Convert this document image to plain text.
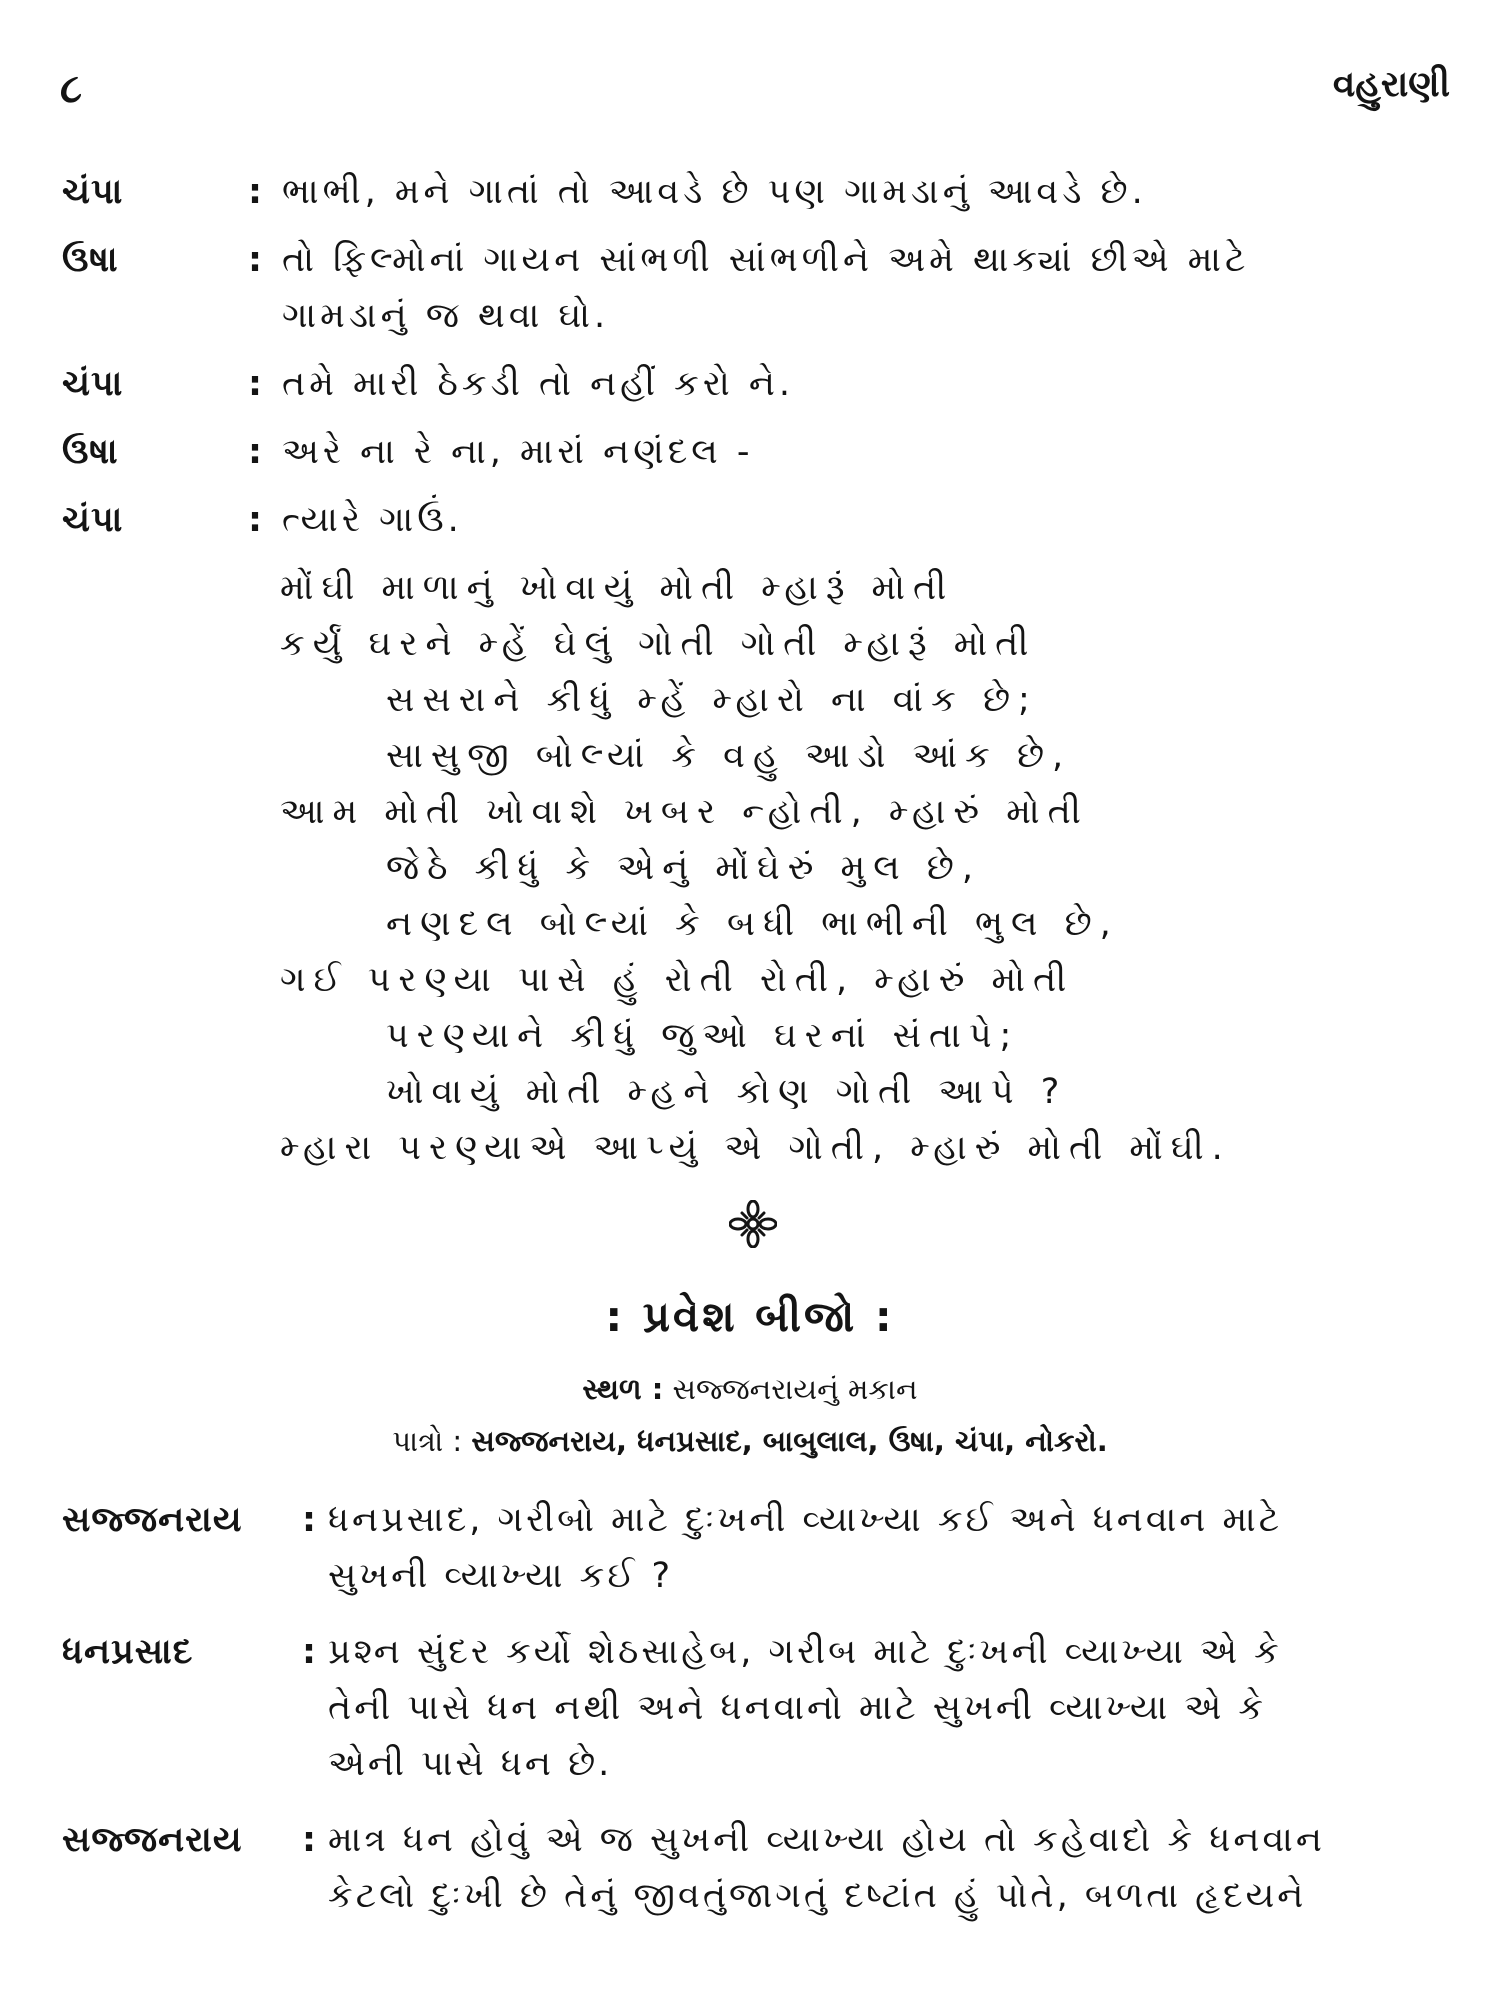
૮	વહુરાણી
ચંપા	: ભાભી, મને ગાતાં તો આવડે છે પણ ગામડાનું આવડે છે.
ઉષા	: તો ફિલ્મોનાં ગાયન સાંભળી સાંભળીને અમે થાક્યાં છીએ માટે
ગામડાનું જ થવા ઘો.
ચંપા	: તમે મારી ઠેકડી તો નહીં કરો ને.
ઉષા	: અરે ના રે ના, મારાં નણંદલ -
ચંપા	: ત્યારે ગાઉં.
મોંઘી માળાનું ખોવાયું મોતી મ્હારૂં મોતી
કર્યું ઘરને મ્હેં ઘેલું ગોતી ગોતી મ્હારૂં મોતી
સસરાને કીધું મ્હેં મ્હારો ના વાંક છે;
સાસુજી બોલ્યાં કે વહુ આડો આંક છે,
આમ મોતી ખોવાશે ખબર ન્હોતી, મ્હારું મોતી
જેઠે કીધું કે એનું મોંઘેરું મુલ છે,
નણદલ બોલ્યાં કે બધી ભાભીની ભુલ છે,
ગઈ પરણ્યા પાસે હું રોતી રોતી, મ્હારું મોતી
પરણ્યાને કીધું જુઓ ઘરનાં સંતાપે;
ખોવાયું મોતી મ્હને કોણ ગોતી આપે ?
મ્હારા પરણ્યાએ આપ્યું એ ગોતી, મ્હારું મોતી મોંઘી.
: પ્રવેશ બીજો :
સ્થળ : સજ્જનરાયનું મકાન
પાત્રો : સજ્જનરાય, ધનપ્રસાદ, બાબુલાલ, ઉષા, ચંપા, નોકરો.
સજ્જનરાય	: ધનપ્રસાદ, ગરીબો માટે દુઃખની વ્યાખ્યા કઈ અને ધનવાન માટે
સુખની વ્યાખ્યા કઈ ?
ધનપ્રસાદ	: પ્રશ્ન સુંદર કર્યો શેઠસાહેબ, ગરીબ માટે દુઃખની વ્યાખ્યા એ કે
તેની પાસે ધન નથી અને ધનવાનો માટે સુખની વ્યાખ્યા એ કે
એની પાસે ધન છે.
સજ્જનરાય	: માત્ર ધન હોવું એ જ સુખની વ્યાખ્યા હોય તો કહેવાદો કે ધનવાન
કેટલો દુઃખી છે તેનું જીવતુંજાગતું દષ્ટાંત હું પોતે, બળતા હૃદયને
